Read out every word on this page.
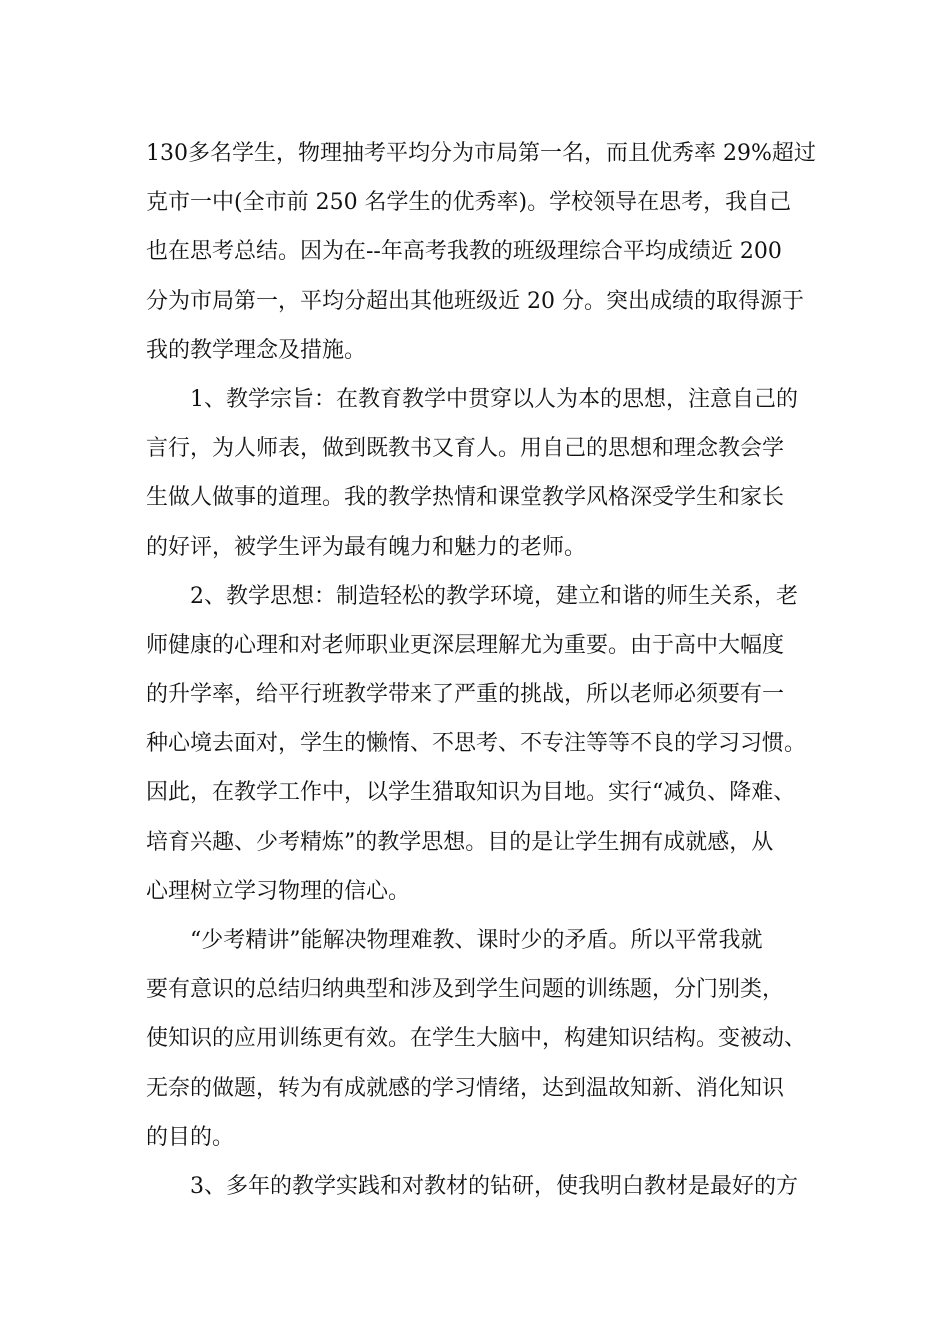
130多名学生，物理抽考平均分为市局第一名，而且优秀率 29%超过
克市一中(全市前 250 名学生的优秀率)。学校领导在思考，我自己
也在思考总结。因为在--年高考我教的班级理综合平均成绩近 200
分为市局第一，平均分超出其他班级近 20 分。突出成绩的取得源于
我的教学理念及措施。
　　1、教学宗旨：在教育教学中贯穿以人为本的思想，注意自己的
言行，为人师表，做到既教书又育人。用自己的思想和理念教会学
生做人做事的道理。我的教学热情和课堂教学风格深受学生和家长
的好评，被学生评为最有魄力和魅力的老师。
　　2、教学思想：制造轻松的教学环境，建立和谐的师生关系，老
师健康的心理和对老师职业更深层理解尤为重要。由于高中大幅度
的升学率，给平行班教学带来了严重的挑战，所以老师必须要有一
种心境去面对，学生的懒惰、不思考、不专注等等不良的学习习惯。
因此，在教学工作中，以学生猎取知识为目地。实行“减负、降难、
培育兴趣、少考精炼”的教学思想。目的是让学生拥有成就感，从
心理树立学习物理的信心。
　　“少考精讲”能解决物理难教、课时少的矛盾。所以平常我就
要有意识的总结归纳典型和涉及到学生问题的训练题，分门别类，
使知识的应用训练更有效。在学生大脑中，构建知识结构。变被动、
无奈的做题，转为有成就感的学习情绪，达到温故知新、消化知识
的目的。
　　3、多年的教学实践和对教材的钻研，使我明白教材是最好的方
